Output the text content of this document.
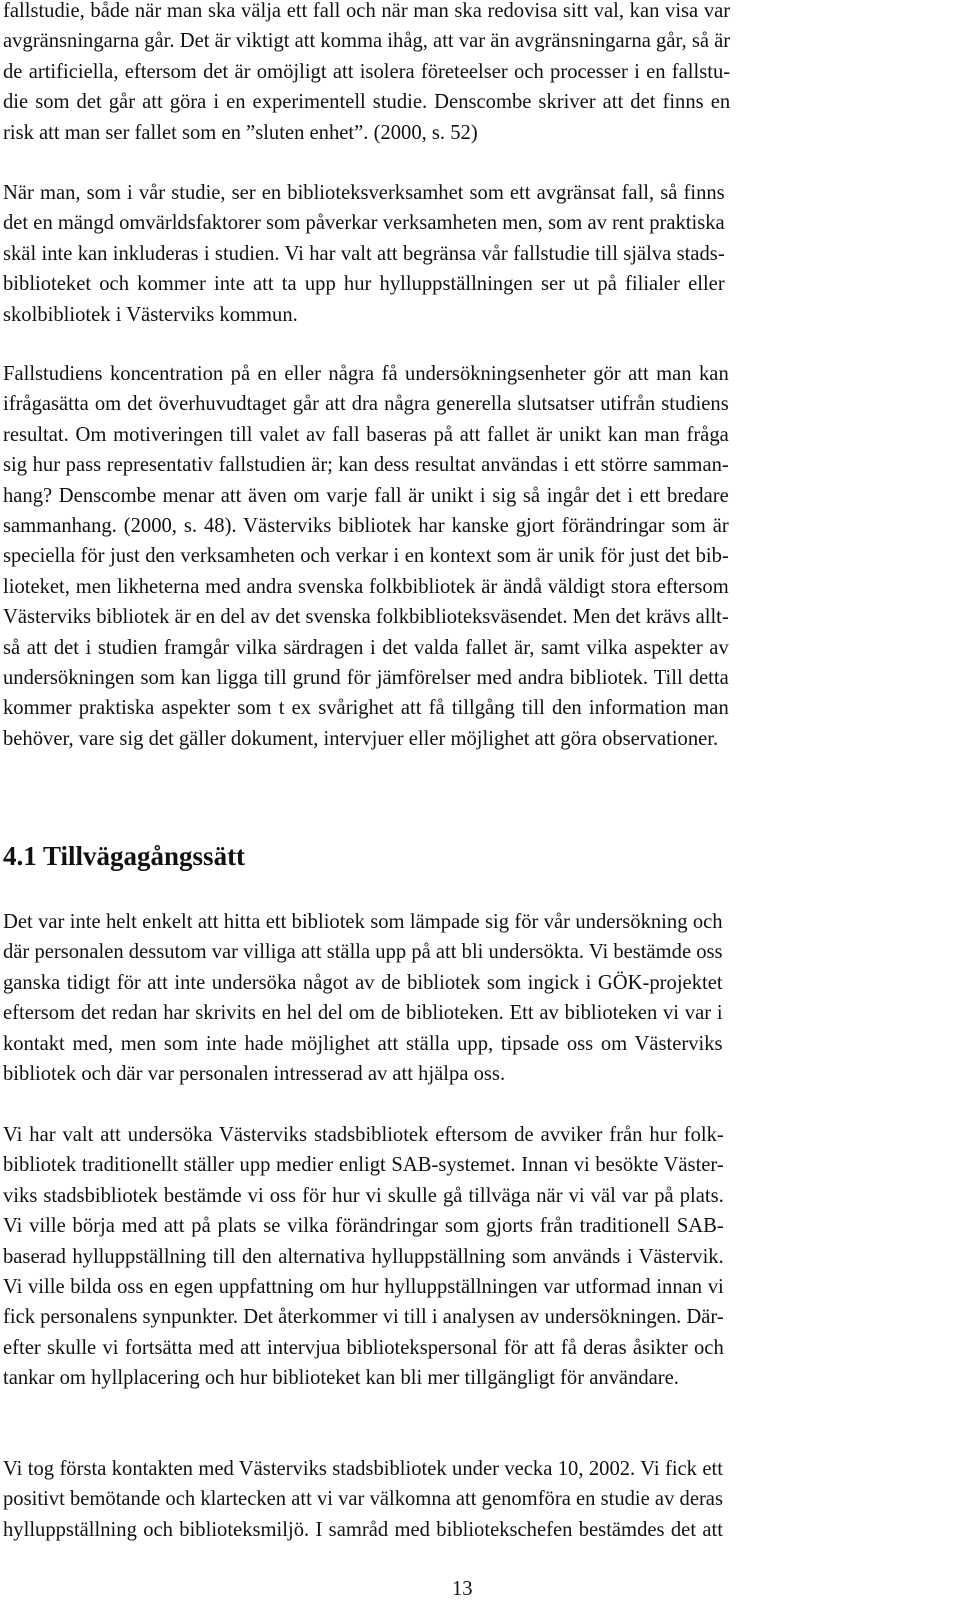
fallstudie, både när man ska välja ett fall och när man ska redovisa sitt val, kan visa var
avgränsningarna går. Det är viktigt att komma ihåg, att var än avgränsningarna går, så är
de artificiella, eftersom det är omöjligt att isolera företeelser och processer i en fallstu-
die som det går att göra i en experimentell studie. Denscombe skriver att det finns en
risk att man ser fallet som en ”sluten enhet”. (2000, s. 52)

När man, som i vår studie, ser en biblioteksverksamhet som ett avgränsat fall, så finns
det en mängd omvärldsfaktorer som påverkar verksamheten men, som av rent praktiska
skäl inte kan inkluderas i studien. Vi har valt att begränsa vår fallstudie till själva stads-
biblioteket och kommer inte att ta upp hur hylluppställningen ser ut på filialer eller
skolbibliotek i Västerviks kommun.

Fallstudiens koncentration på en eller några få undersökningsenheter gör att man kan
ifrågasätta om det överhuvudtaget går att dra några generella slutsatser utifrån studiens
resultat. Om motiveringen till valet av fall baseras på att fallet är unikt kan man fråga
sig hur pass representativ fallstudien är; kan dess resultat användas i ett större samman-
hang? Denscombe menar att även om varje fall är unikt i sig så ingår det i ett bredare
sammanhang. (2000, s. 48). Västerviks bibliotek har kanske gjort förändringar som är
speciella för just den verksamheten och verkar i en kontext som är unik för just det bib-
lioteket, men likheterna med andra svenska folkbibliotek är ändå väldigt stora eftersom
Västerviks bibliotek är en del av det svenska folkbiblioteksväsendet. Men det krävs allt-
så att det i studien framgår vilka särdragen i det valda fallet är, samt vilka aspekter av
undersökningen som kan ligga till grund för jämförelser med andra bibliotek. Till detta
kommer praktiska aspekter som t ex svårighet att få tillgång till den information man
behöver, vare sig det gäller dokument, intervjuer eller möjlighet att göra observationer.

4.1 Tillvägagångssätt

Det var inte helt enkelt att hitta ett bibliotek som lämpade sig för vår undersökning och
där personalen dessutom var villiga att ställa upp på att bli undersökta. Vi bestämde oss
ganska tidigt för att inte undersöka något av de bibliotek som ingick i GÖK-projektet
eftersom det redan har skrivits en hel del om de biblioteken. Ett av biblioteken vi var i
kontakt med, men som inte hade möjlighet att ställa upp, tipsade oss om Västerviks
bibliotek och där var personalen intresserad av att hjälpa oss.

Vi har valt att undersöka Västerviks stadsbibliotek eftersom de avviker från hur folk-
bibliotek traditionellt ställer upp medier enligt SAB-systemet. Innan vi besökte Väster-
viks stadsbibliotek bestämde vi oss för hur vi skulle gå tillväga när vi väl var på plats.
Vi ville börja med att på plats se vilka förändringar som gjorts från traditionell SAB-
baserad hylluppställning till den alternativa hylluppställning som används i Västervik.
Vi ville bilda oss en egen uppfattning om hur hylluppställningen var utformad innan vi
fick personalens synpunkter. Det återkommer vi till i analysen av undersökningen. Där-
efter skulle vi fortsätta med att intervjua bibliotekspersonal för att få deras åsikter och
tankar om hyllplacering och hur biblioteket kan bli mer tillgängligt för användare.

Vi tog första kontakten med Västerviks stadsbibliotek under vecka 10, 2002. Vi fick ett
positivt bemötande och klartecken att vi var välkomna att genomföra en studie av deras
hylluppställning och biblioteksmiljö. I samråd med bibliotekschefen bestämdes det att

13
